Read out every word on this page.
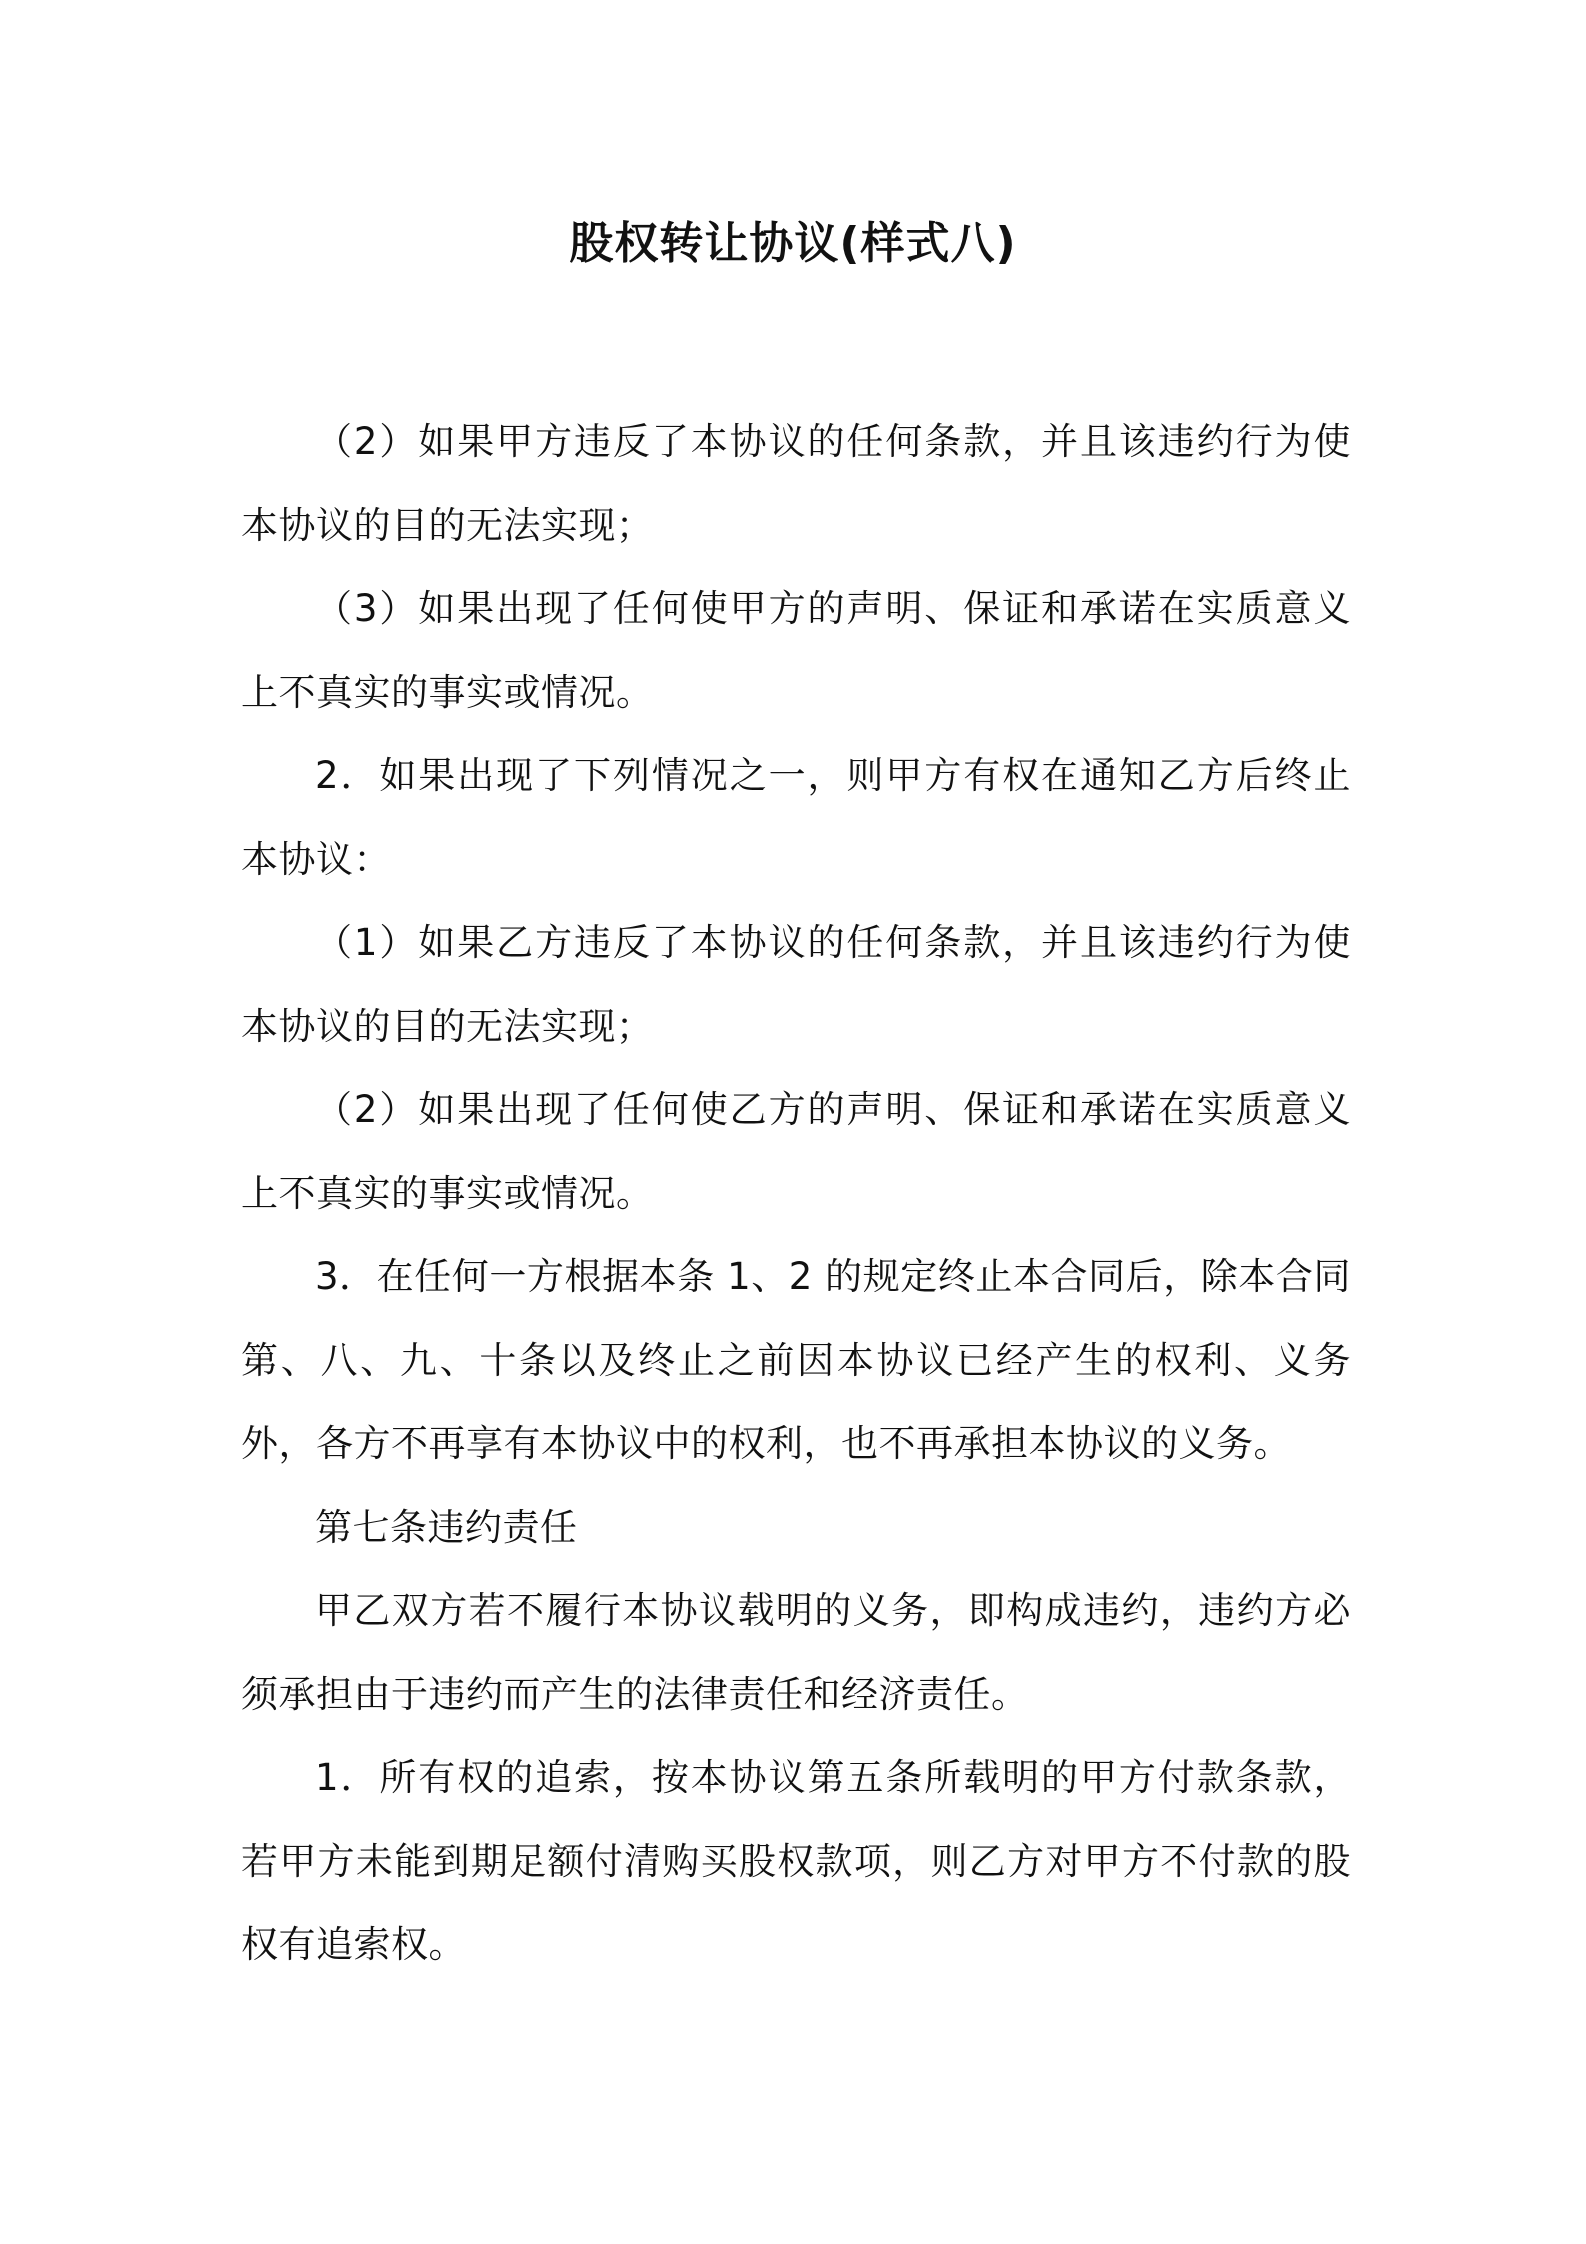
股权转让协议(样式八)

（2）如果甲方违反了本协议的任何条款，并且该违约行为使本协议的目的无法实现；

（3）如果出现了任何使甲方的声明、保证和承诺在实质意义上不真实的事实或情况。

2．如果出现了下列情况之一，则甲方有权在通知乙方后终止本协议：

（1）如果乙方违反了本协议的任何条款，并且该违约行为使本协议的目的无法实现；

（2）如果出现了任何使乙方的声明、保证和承诺在实质意义上不真实的事实或情况。

3．在任何一方根据本条 1、2 的规定终止本合同后，除本合同第、八、九、十条以及终止之前因本协议已经产生的权利、义务外，各方不再享有本协议中的权利，也不再承担本协议的义务。

第七条违约责任

甲乙双方若不履行本协议载明的义务，即构成违约，违约方必须承担由于违约而产生的法律责任和经济责任。

1．所有权的追索，按本协议第五条所载明的甲方付款条款，若甲方未能到期足额付清购买股权款项，则乙方对甲方不付款的股权有追索权。
